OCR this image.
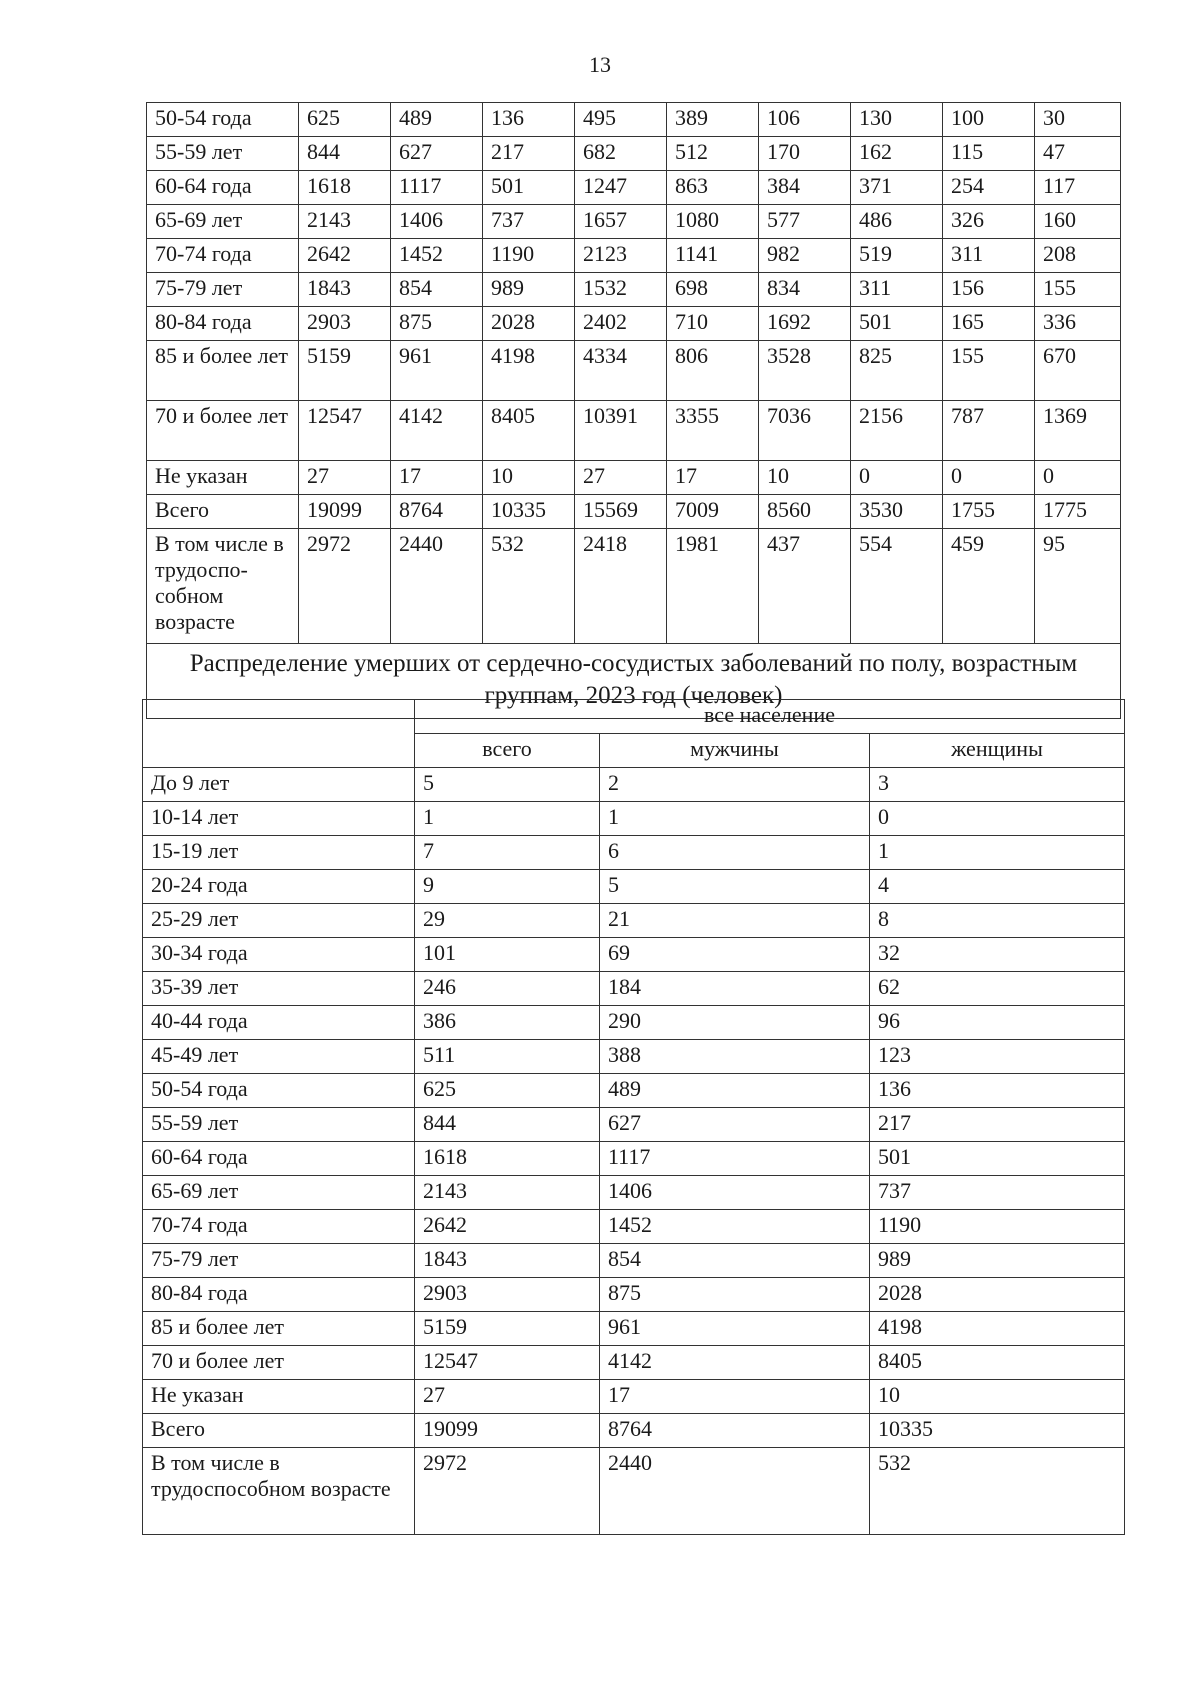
13
50-54 года	625	489	136	495	389	106	130	100	30
55-59 лет	844	627	217	682	512	170	162	115	47
60-64 года	1618	1117	501	1247	863	384	371	254	117
65-69 лет	2143	1406	737	1657	1080	577	486	326	160
70-74 года	2642	1452	1190	2123	1141	982	519	311	208
75-79 лет	1843	854	989	1532	698	834	311	156	155
80-84 года	2903	875	2028	2402	710	1692	501	165	336
85 и более лет	5159	961	4198	4334	806	3528	825	155	670
70 и более лет	12547	4142	8405	10391	3355	7036	2156	787	1369
Не указан	27	17	10	27	17	10	0	0	0
Всего	19099	8764	10335	15569	7009	8560	3530	1755	1775
В том числе в трудоспо-собном возрасте	2972	2440	532	2418	1981	437	554	459	95
Распределение умерших от сердечно-сосудистых заболеваний по полу, возрастным группам, 2023 год (человек)									
	все население		
	всего	мужчины	женщины
До 9 лет	5	2	3
10-14 лет	1	1	0
15-19 лет	7	6	1
20-24 года	9	5	4
25-29 лет	29	21	8
30-34 года	101	69	32
35-39 лет	246	184	62
40-44 года	386	290	96
45-49 лет	511	388	123
50-54 года	625	489	136
55-59 лет	844	627	217
60-64 года	1618	1117	501
65-69 лет	2143	1406	737
70-74 года	2642	1452	1190
75-79 лет	1843	854	989
80-84 года	2903	875	2028
85 и более лет	5159	961	4198
70 и более лет	12547	4142	8405
Не указан	27	17	10
Всего	19099	8764	10335
В том числе в трудоспособном возрасте	2972	2440	532
